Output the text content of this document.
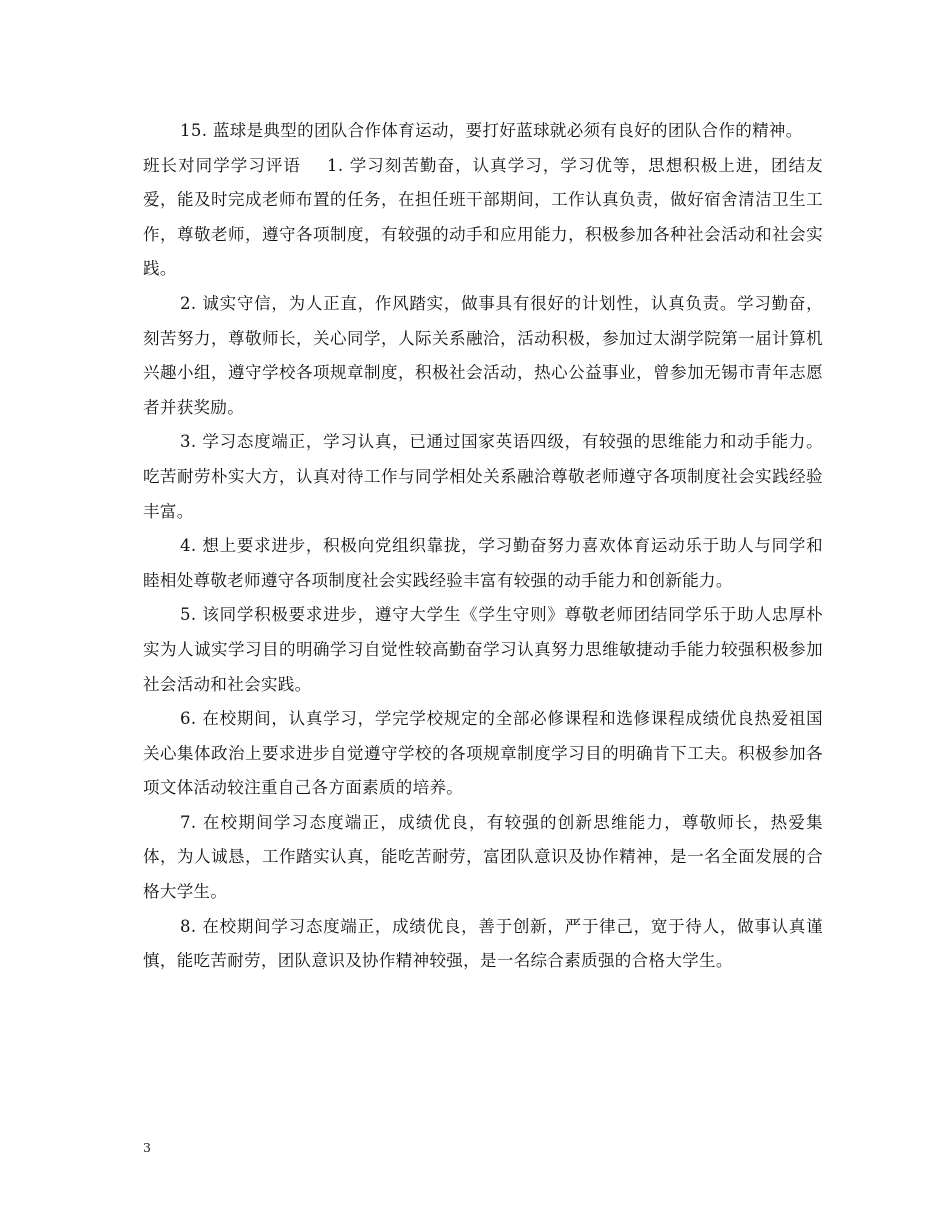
15. 蓝球是典型的团队合作体育运动，要打好蓝球就必须有良好的团队合作的精神。

班长对同学学习评语 1. 学习刻苦勤奋，认真学习，学习优等，思想积极上进，团结友爱，能及时完成老师布置的任务，在担任班干部期间，工作认真负责，做好宿舍清洁卫生工作，尊敬老师，遵守各项制度，有较强的动手和应用能力，积极参加各种社会活动和社会实践。

2. 诚实守信，为人正直，作风踏实，做事具有很好的计划性，认真负责。学习勤奋，刻苦努力，尊敬师长，关心同学，人际关系融洽，活动积极，参加过太湖学院第一届计算机兴趣小组，遵守学校各项规章制度，积极社会活动，热心公益事业，曾参加无锡市青年志愿者并获奖励。

3. 学习态度端正，学习认真，已通过国家英语四级，有较强的思维能力和动手能力。吃苦耐劳朴实大方，认真对待工作与同学相处关系融洽尊敬老师遵守各项制度社会实践经验丰富。

4. 想上要求进步，积极向党组织靠拢，学习勤奋努力喜欢体育运动乐于助人与同学和睦相处尊敬老师遵守各项制度社会实践经验丰富有较强的动手能力和创新能力。

5. 该同学积极要求进步，遵守大学生《学生守则》尊敬老师团结同学乐于助人忠厚朴实为人诚实学习目的明确学习自觉性较高勤奋学习认真努力思维敏捷动手能力较强积极参加社会活动和社会实践。

6. 在校期间，认真学习，学完学校规定的全部必修课程和选修课程成绩优良热爱祖国关心集体政治上要求进步自觉遵守学校的各项规章制度学习目的明确肯下工夫。积极参加各项文体活动较注重自己各方面素质的培养。

7. 在校期间学习态度端正，成绩优良，有较强的创新思维能力，尊敬师长，热爱集体，为人诚恳，工作踏实认真，能吃苦耐劳，富团队意识及协作精神，是一名全面发展的合格大学生。

8. 在校期间学习态度端正，成绩优良，善于创新，严于律己，宽于待人，做事认真谨慎，能吃苦耐劳，团队意识及协作精神较强，是一名综合素质强的合格大学生。

3
